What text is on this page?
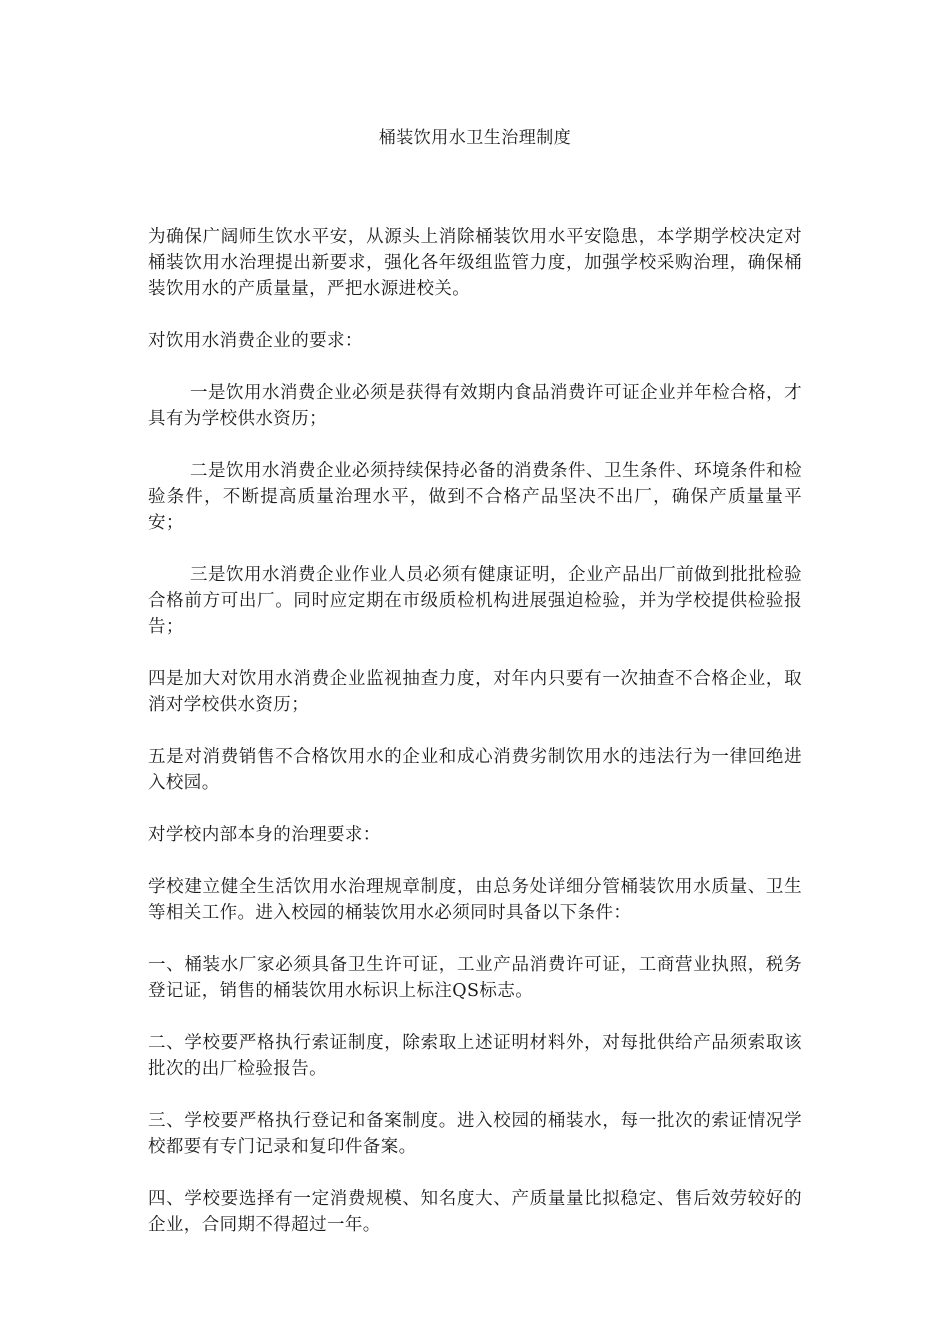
桶装饮用水卫生治理制度

为确保广阔师生饮水平安，从源头上消除桶装饮用水平安隐患，本学期学校决定对桶装饮用水治理提出新要求，强化各年级组监管力度，加强学校采购治理，确保桶装饮用水的产质量量，严把水源进校关。

对饮用水消费企业的要求：

一是饮用水消费企业必须是获得有效期内食品消费许可证企业并年检合格，才具有为学校供水资历；

二是饮用水消费企业必须持续保持必备的消费条件、卫生条件、环境条件和检验条件，不断提高质量治理水平，做到不合格产品坚决不出厂，确保产质量量平安；

三是饮用水消费企业作业人员必须有健康证明，企业产品出厂前做到批批检验合格前方可出厂。同时应定期在市级质检机构进展强迫检验，并为学校提供检验报告；

四是加大对饮用水消费企业监视抽查力度，对年内只要有一次抽查不合格企业，取消对学校供水资历；

五是对消费销售不合格饮用水的企业和成心消费劣制饮用水的违法行为一律回绝进入校园。

对学校内部本身的治理要求：

学校建立健全生活饮用水治理规章制度，由总务处详细分管桶装饮用水质量、卫生等相关工作。进入校园的桶装饮用水必须同时具备以下条件：

一、桶装水厂家必须具备卫生许可证，工业产品消费许可证，工商营业执照，税务登记证，销售的桶装饮用水标识上标注QS标志。

二、学校要严格执行索证制度，除索取上述证明材料外，对每批供给产品须索取该批次的出厂检验报告。

三、学校要严格执行登记和备案制度。进入校园的桶装水，每一批次的索证情况学校都要有专门记录和复印件备案。

四、学校要选择有一定消费规模、知名度大、产质量量比拟稳定、售后效劳较好的企业，合同期不得超过一年。
